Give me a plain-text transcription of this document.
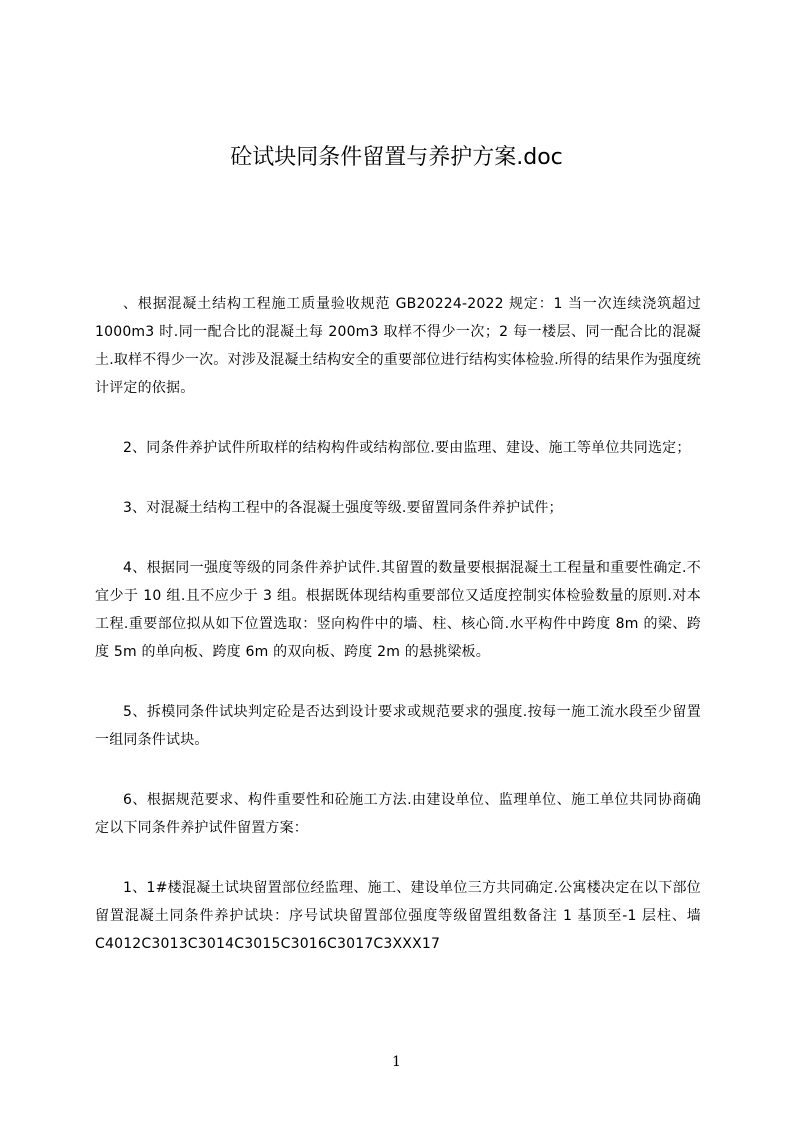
砼试块同条件留置与养护方案.doc

、根据混凝土结构工程施工质量验收规范 GB20224-2022 规定：1 当一次连续浇筑超过 1000m3 时.同一配合比的混凝土每 200m3 取样不得少一次；2 每一楼层、同一配合比的混凝土.取样不得少一次。对涉及混凝土结构安全的重要部位进行结构实体检验.所得的结果作为强度统计评定的依据。

2、同条件养护试件所取样的结构构件或结构部位.要由监理、建设、施工等单位共同选定；

3、对混凝土结构工程中的各混凝土强度等级.要留置同条件养护试件；

4、根据同一强度等级的同条件养护试件.其留置的数量要根据混凝土工程量和重要性确定.不宜少于 10 组.且不应少于 3 组。根据既体现结构重要部位又适度控制实体检验数量的原则.对本工程.重要部位拟从如下位置选取：竖向构件中的墙、柱、核心筒.水平构件中跨度 8m 的梁、跨度 5m 的单向板、跨度 6m 的双向板、跨度 2m 的悬挑梁板。

5、拆模同条件试块判定砼是否达到设计要求或规范要求的强度.按每一施工流水段至少留置一组同条件试块。

6、根据规范要求、构件重要性和砼施工方法.由建设单位、监理单位、施工单位共同协商确定以下同条件养护试件留置方案：

1、1#楼混凝土试块留置部位经监理、施工、建设单位三方共同确定.公寓楼决定在以下部位留置混凝土同条件养护试块：序号试块留置部位强度等级留置组数备注 1 基顶至-1 层柱、墙 C4012C3013C3014C3015C3016C3017C3XXX17

1
